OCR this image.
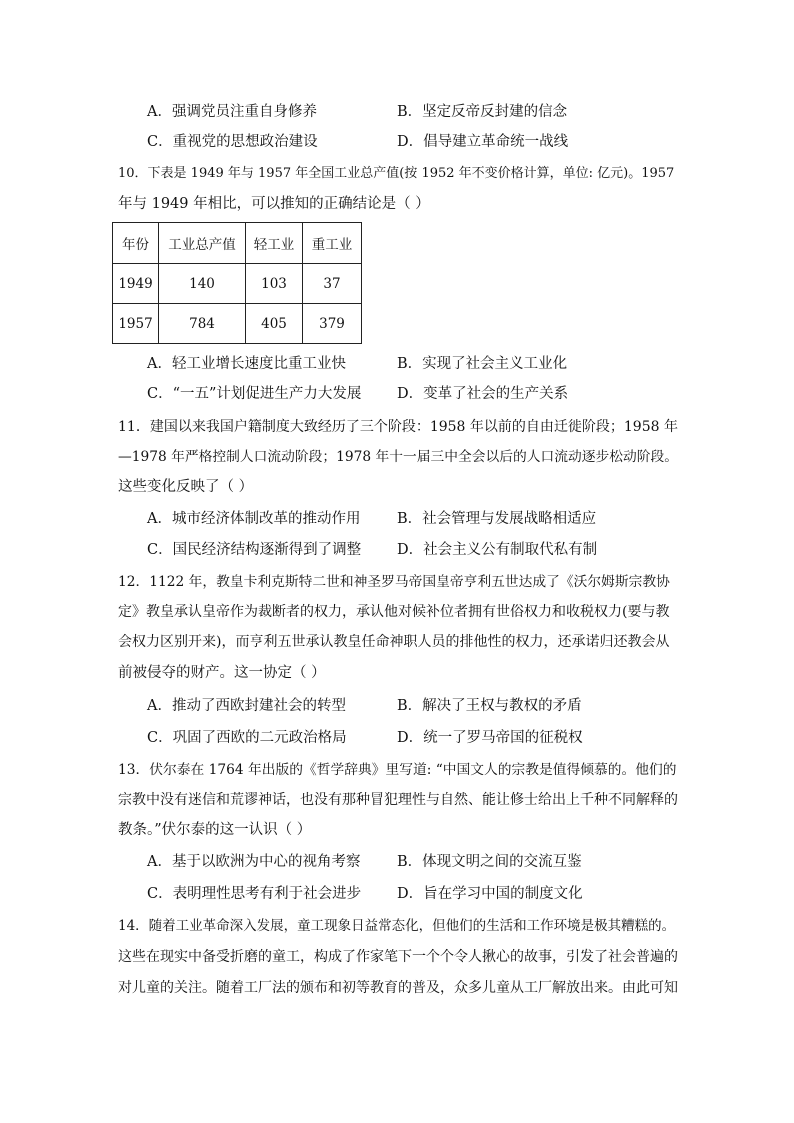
A．强调党员注重自身修养	B．坚定反帝反封建的信念
C．重视党的思想政治建设	D．倡导建立革命统一战线
10．下表是 1949 年与 1957 年全国工业总产值(按 1952 年不变价格计算，单位: 亿元)。1957
年与 1949 年相比，可以推知的正确结论是（ ）
年份	工业总产值	轻工业	重工业
1949	140	103	37
1957	784	405	379
A．轻工业增长速度比重工业快	B．实现了社会主义工业化
C．“一五”计划促进生产力大发展 D．变革了社会的生产关系
11．建国以来我国户籍制度大致经历了三个阶段：1958 年以前的自由迁徙阶段；1958 年
—1978 年严格控制人口流动阶段；1978 年十一届三中全会以后的人口流动逐步松动阶段。
这些变化反映了（ ）
A．城市经济体制改革的推动作用	B．社会管理与发展战略相适应
C．国民经济结构逐渐得到了调整 D．社会主义公有制取代私有制
12．1122 年，教皇卡利克斯特二世和神圣罗马帝国皇帝亨利五世达成了《沃尔姆斯宗教协
定》教皇承认皇帝作为裁断者的权力，承认他对候补位者拥有世俗权力和收税权力(要与教
会权力区别开来)，而亨利五世承认教皇任命神职人员的排他性的权力，还承诺归还教会从
前被侵夺的财产。这一协定（ ）
A．推动了西欧封建社会的转型	B．解决了王权与教权的矛盾
C．巩固了西欧的二元政治格局	D．统一了罗马帝国的征税权
13．伏尔泰在 1764 年出版的《哲学辞典》里写道: “中国文人的宗教是值得倾慕的。他们的
宗教中没有迷信和荒谬神话，也没有那种冒犯理性与自然、能让修士给出上千种不同解释的
教条。”伏尔泰的这一认识（ ）
A．基于以欧洲为中心的视角考察	B．体现文明之间的交流互鉴
C．表明理性思考有利于社会进步 D．旨在学习中国的制度文化
14．随着工业革命深入发展，童工现象日益常态化，但他们的生活和工作环境是极其糟糕的。
这些在现实中备受折磨的童工，构成了作家笔下一个个令人揪心的故事，引发了社会普遍的
对儿童的关注。随着工厂法的颁布和初等教育的普及，众多儿童从工厂解放出来。由此可知
